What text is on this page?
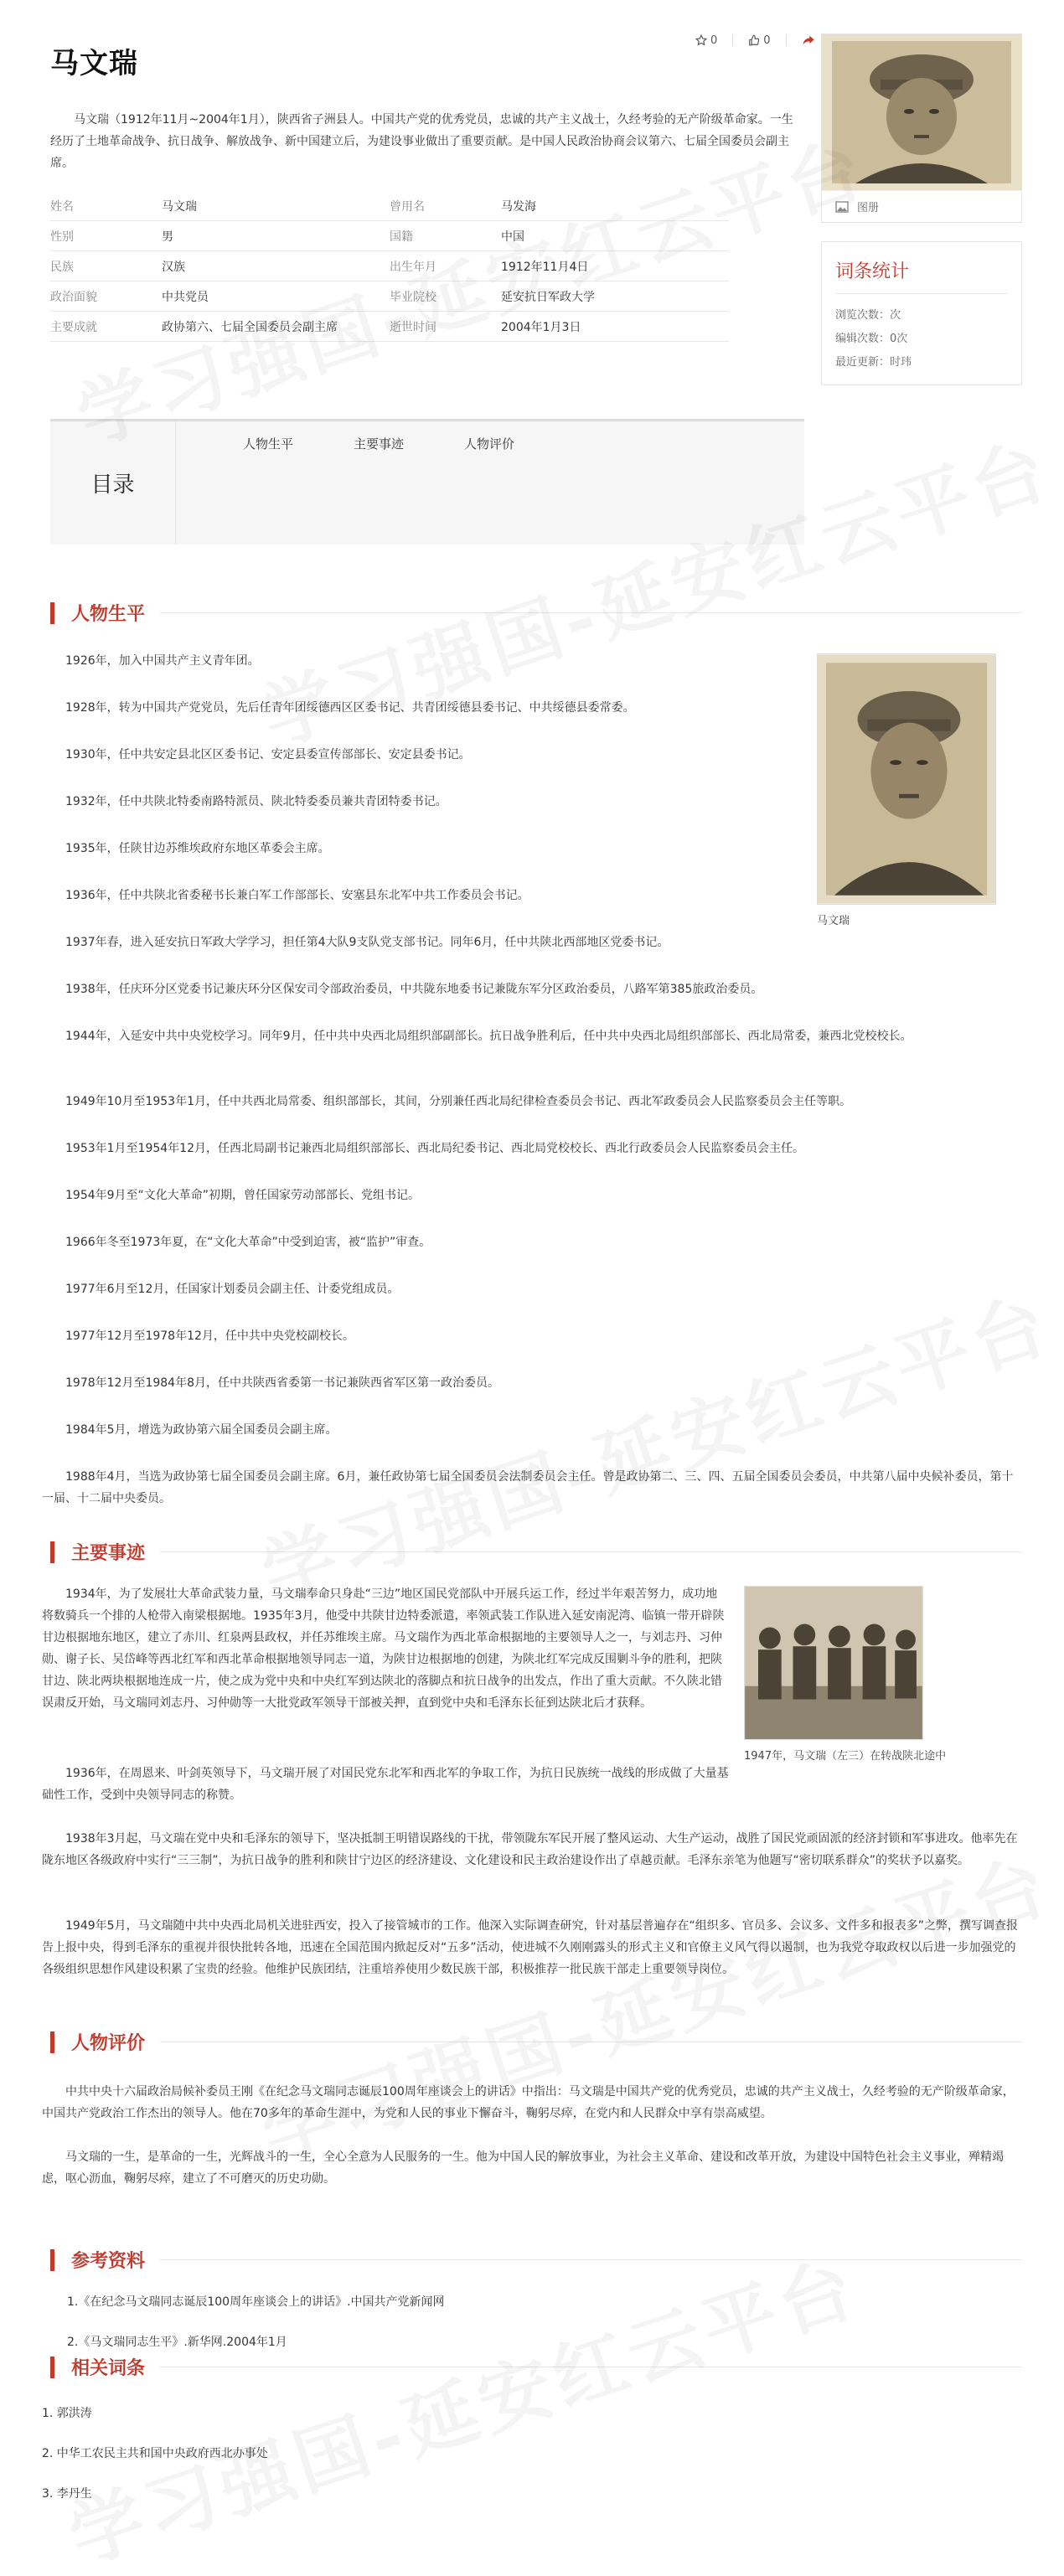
马文瑞
0	0

马文瑞（1912年11月~2004年1月），陕西省子洲县人。中国共产党的优秀党员，忠诚的共产主义战士，久经考验的无产阶级革命家。一生经历了土地革命战争、抗日战争、解放战争、新中国建立后，为建设事业做出了重要贡献。是中国人民政治协商会议第六、七届全国委员会副主席。

姓名	马文瑞	曾用名	马发海
性别	男	国籍	中国
民族	汉族	出生年月	1912年11月4日
政治面貌	中共党员	毕业院校	延安抗日军政大学
主要成就	政协第六、七届全国委员会副主席	逝世时间	2004年1月3日
图册
词条统计

浏览次数：次

编辑次数：0次

最近更新：时玮

目录
人物生平	主要事迹	人物评价
人物生平

1926年，加入中国共产主义青年团。

1928年，转为中国共产党党员，先后任青年团绥德西区区委书记、共青团绥德县委书记、中共绥德县委常委。

1930年，任中共安定县北区区委书记、安定县委宣传部部长、安定县委书记。

1932年，任中共陕北特委南路特派员、陕北特委委员兼共青团特委书记。

1935年，任陕甘边苏维埃政府东地区革委会主席。

1936年，任中共陕北省委秘书长兼白军工作部部长、安塞县东北军中共工作委员会书记。

1937年春，进入延安抗日军政大学学习，担任第4大队9支队党支部书记。同年6月，任中共陕北西部地区党委书记。

1938年，任庆环分区党委书记兼庆环分区保安司令部政治委员，中共陇东地委书记兼陇东军分区政治委员，八路军第385旅政治委员。

1944年，入延安中共中央党校学习。同年9月，任中共中央西北局组织部副部长。抗日战争胜利后，任中共中央西北局组织部部长、西北局常委，兼西北党校校长。

1949年10月至1953年1月，任中共西北局常委、组织部部长，其间，分别兼任西北局纪律检查委员会书记、西北军政委员会人民监察委员会主任等职。

1953年1月至1954年12月，任西北局副书记兼西北局组织部部长、西北局纪委书记、西北局党校校长、西北行政委员会人民监察委员会主任。

1954年9月至“文化大革命”初期，曾任国家劳动部部长、党组书记。

1966年冬至1973年夏，在“文化大革命”中受到迫害，被“监护”审查。

1977年6月至12月，任国家计划委员会副主任、计委党组成员。

1977年12月至1978年12月，任中共中央党校副校长。

1978年12月至1984年8月，任中共陕西省委第一书记兼陕西省军区第一政治委员。

1984年5月，增选为政协第六届全国委员会副主席。

1988年4月，当选为政协第七届全国委员会副主席。6月，兼任政协第七届全国委员会法制委员会主任。曾是政协第二、三、四、五届全国委员会委员，中共第八届中央候补委员，第十一届、十二届中央委员。

马文瑞
主要事迹

1934年，为了发展壮大革命武装力量，马文瑞奉命只身赴“三边”地区国民党部队中开展兵运工作，经过半年艰苦努力，成功地将数骑兵一个排的人枪带入南梁根据地。1935年3月，他受中共陕甘边特委派遣，率领武装工作队进入延安南泥湾、临镇一带开辟陕甘边根据地东地区，建立了赤川、红泉两县政权，并任苏维埃主席。马文瑞作为西北革命根据地的主要领导人之一，与刘志丹、习仲勋、谢子长、吴岱峰等西北红军和西北革命根据地领导同志一道，为陕甘边根据地的创建，为陕北红军完成反围剿斗争的胜利，把陕甘边、陕北两块根据地连成一片，使之成为党中央和中央红军到达陕北的落脚点和抗日战争的出发点，作出了重大贡献。不久陕北错误肃反开始，马文瑞同刘志丹、习仲勋等一大批党政军领导干部被关押，直到党中央和毛泽东长征到达陕北后才获释。

1936年，在周恩来、叶剑英领导下，马文瑞开展了对国民党东北军和西北军的争取工作，为抗日民族统一战线的形成做了大量基础性工作，受到中央领导同志的称赞。

1938年3月起，马文瑞在党中央和毛泽东的领导下，坚决抵制王明错误路线的干扰，带领陇东军民开展了整风运动、大生产运动，战胜了国民党顽固派的经济封锁和军事进攻。他率先在陇东地区各级政府中实行“三三制”，为抗日战争的胜利和陕甘宁边区的经济建设、文化建设和民主政治建设作出了卓越贡献。毛泽东亲笔为他题写“密切联系群众”的奖状予以嘉奖。

1949年5月，马文瑞随中共中央西北局机关进驻西安，投入了接管城市的工作。他深入实际调查研究，针对基层普遍存在“组织多、官员多、会议多、文件多和报表多”之弊，撰写调查报告上报中央，得到毛泽东的重视并很快批转各地，迅速在全国范围内掀起反对“五多”活动，使进城不久刚刚露头的形式主义和官僚主义风气得以遏制，也为我党夺取政权以后进一步加强党的各级组织思想作风建设积累了宝贵的经验。他维护民族团结，注重培养使用少数民族干部，积极推荐一批民族干部走上重要领导岗位。

1947年，马文瑞（左三）在转战陕北途中
人物评价

中共中央十六届政治局候补委员王刚《在纪念马文瑞同志诞辰100周年座谈会上的讲话》中指出：马文瑞是中国共产党的优秀党员，忠诚的共产主义战士，久经考验的无产阶级革命家，中国共产党政治工作杰出的领导人。他在70多年的革命生涯中，为党和人民的事业下懈奋斗，鞠躬尽瘁，在党内和人民群众中享有崇高威望。

马文瑞的一生，是革命的一生，光辉战斗的一生，全心全意为人民服务的一生。他为中国人民的解放事业，为社会主义革命、建设和改革开放，为建设中国特色社会主义事业，殚精竭虑，呕心沥血，鞠躬尽瘁，建立了不可磨灭的历史功勋。

参考资料
1.《在纪念马文瑞同志诞辰100周年座谈会上的讲话》.中国共产党新闻网
2.《马文瑞同志生平》.新华网.2004年1月
相关词条
1. 郭洪涛
2. 中华工农民主共和国中央政府西北办事处
3. 李丹生
